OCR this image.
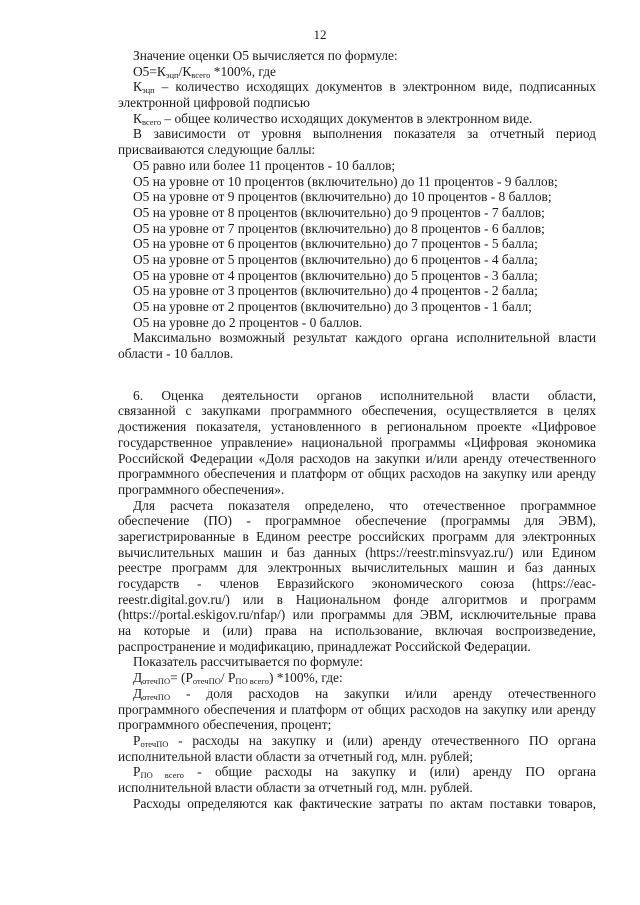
12
Значение оценки О5 вычисляется по формуле:
$О5=К_{эцп}/К_{всего}$ *100%, где
$К_{эцп}$ – количество исходящих документов в электронном виде, подписанных
электронной цифровой подписью
$К_{всего}$ – общее количество исходящих документов в электронном виде.
В зависимости от уровня выполнения показателя за отчетный период
присваиваются следующие баллы:
О5 равно или более 11 процентов - 10 баллов;
О5 на уровне от 10 процентов (включительно) до 11 процентов - 9 баллов;
О5 на уровне от 9 процентов (включительно) до 10 процентов - 8 баллов;
О5 на уровне от 8 процентов (включительно) до 9 процентов - 7 баллов;
О5 на уровне от 7 процентов (включительно) до 8 процентов - 6 баллов;
О5 на уровне от 6 процентов (включительно) до 7 процентов - 5 балла;
О5 на уровне от 5 процентов (включительно) до 6 процентов - 4 балла;
О5 на уровне от 4 процентов (включительно) до 5 процентов - 3 балла;
О5 на уровне от 3 процентов (включительно) до 4 процентов - 2 балла;
О5 на уровне от 2 процентов (включительно) до 3 процентов - 1 балл;
О5 на уровне до 2 процентов - 0 баллов.
Максимально возможный результат каждого органа исполнительной власти
области - 10 баллов.
6. Оценка деятельности органов исполнительной власти области,
связанной с закупками программного обеспечения, осуществляется в целях
достижения показателя, установленного в региональном проекте «Цифровое
государственное управление» национальной программы «Цифровая экономика
Российской Федерации «Доля расходов на закупки и/или аренду отечественного
программного обеспечения и платформ от общих расходов на закупку или аренду
программного обеспечения».
Для расчета показателя определено, что отечественное программное
обеспечение (ПО) - программное обеспечение (программы для ЭВМ),
зарегистрированные в Едином реестре российских программ для электронных
вычислительных машин и баз данных (https://reestr.minsvyaz.ru/) или Едином
реестре программ для электронных вычислительных машин и баз данных
государств - членов Евразийского экономического союза (https://eac-
reestr.digital.gov.ru/) или в Национальном фонде алгоритмов и программ
(https://portal.eskigov.ru/nfap/) или программы для ЭВМ, исключительные права
на которые и (или) права на использование, включая воспроизведение,
распространение и модификацию, принадлежат Российской Федерации.
Показатель рассчитывается по формуле:
$Д_{отечПО}= (Р_{отечПО}/$ $Р_{ПО всего}$) *100%, где:
$Д_{отечПО}$ - доля расходов на закупки и/или аренду отечественного
программного обеспечения и платформ от общих расходов на закупку или аренду
программного обеспечения, процент;
$Р_{отечПО}$ - расходы на закупку и (или) аренду отечественного ПО органа
исполнительной власти области за отчетный год, млн. рублей;
$Р_{ПО всего}$ - общие расходы на закупку и (или) аренду ПО органа
исполнительной власти области за отчетный год, млн. рублей.
Расходы определяются как фактические затраты по актам поставки товаров,
